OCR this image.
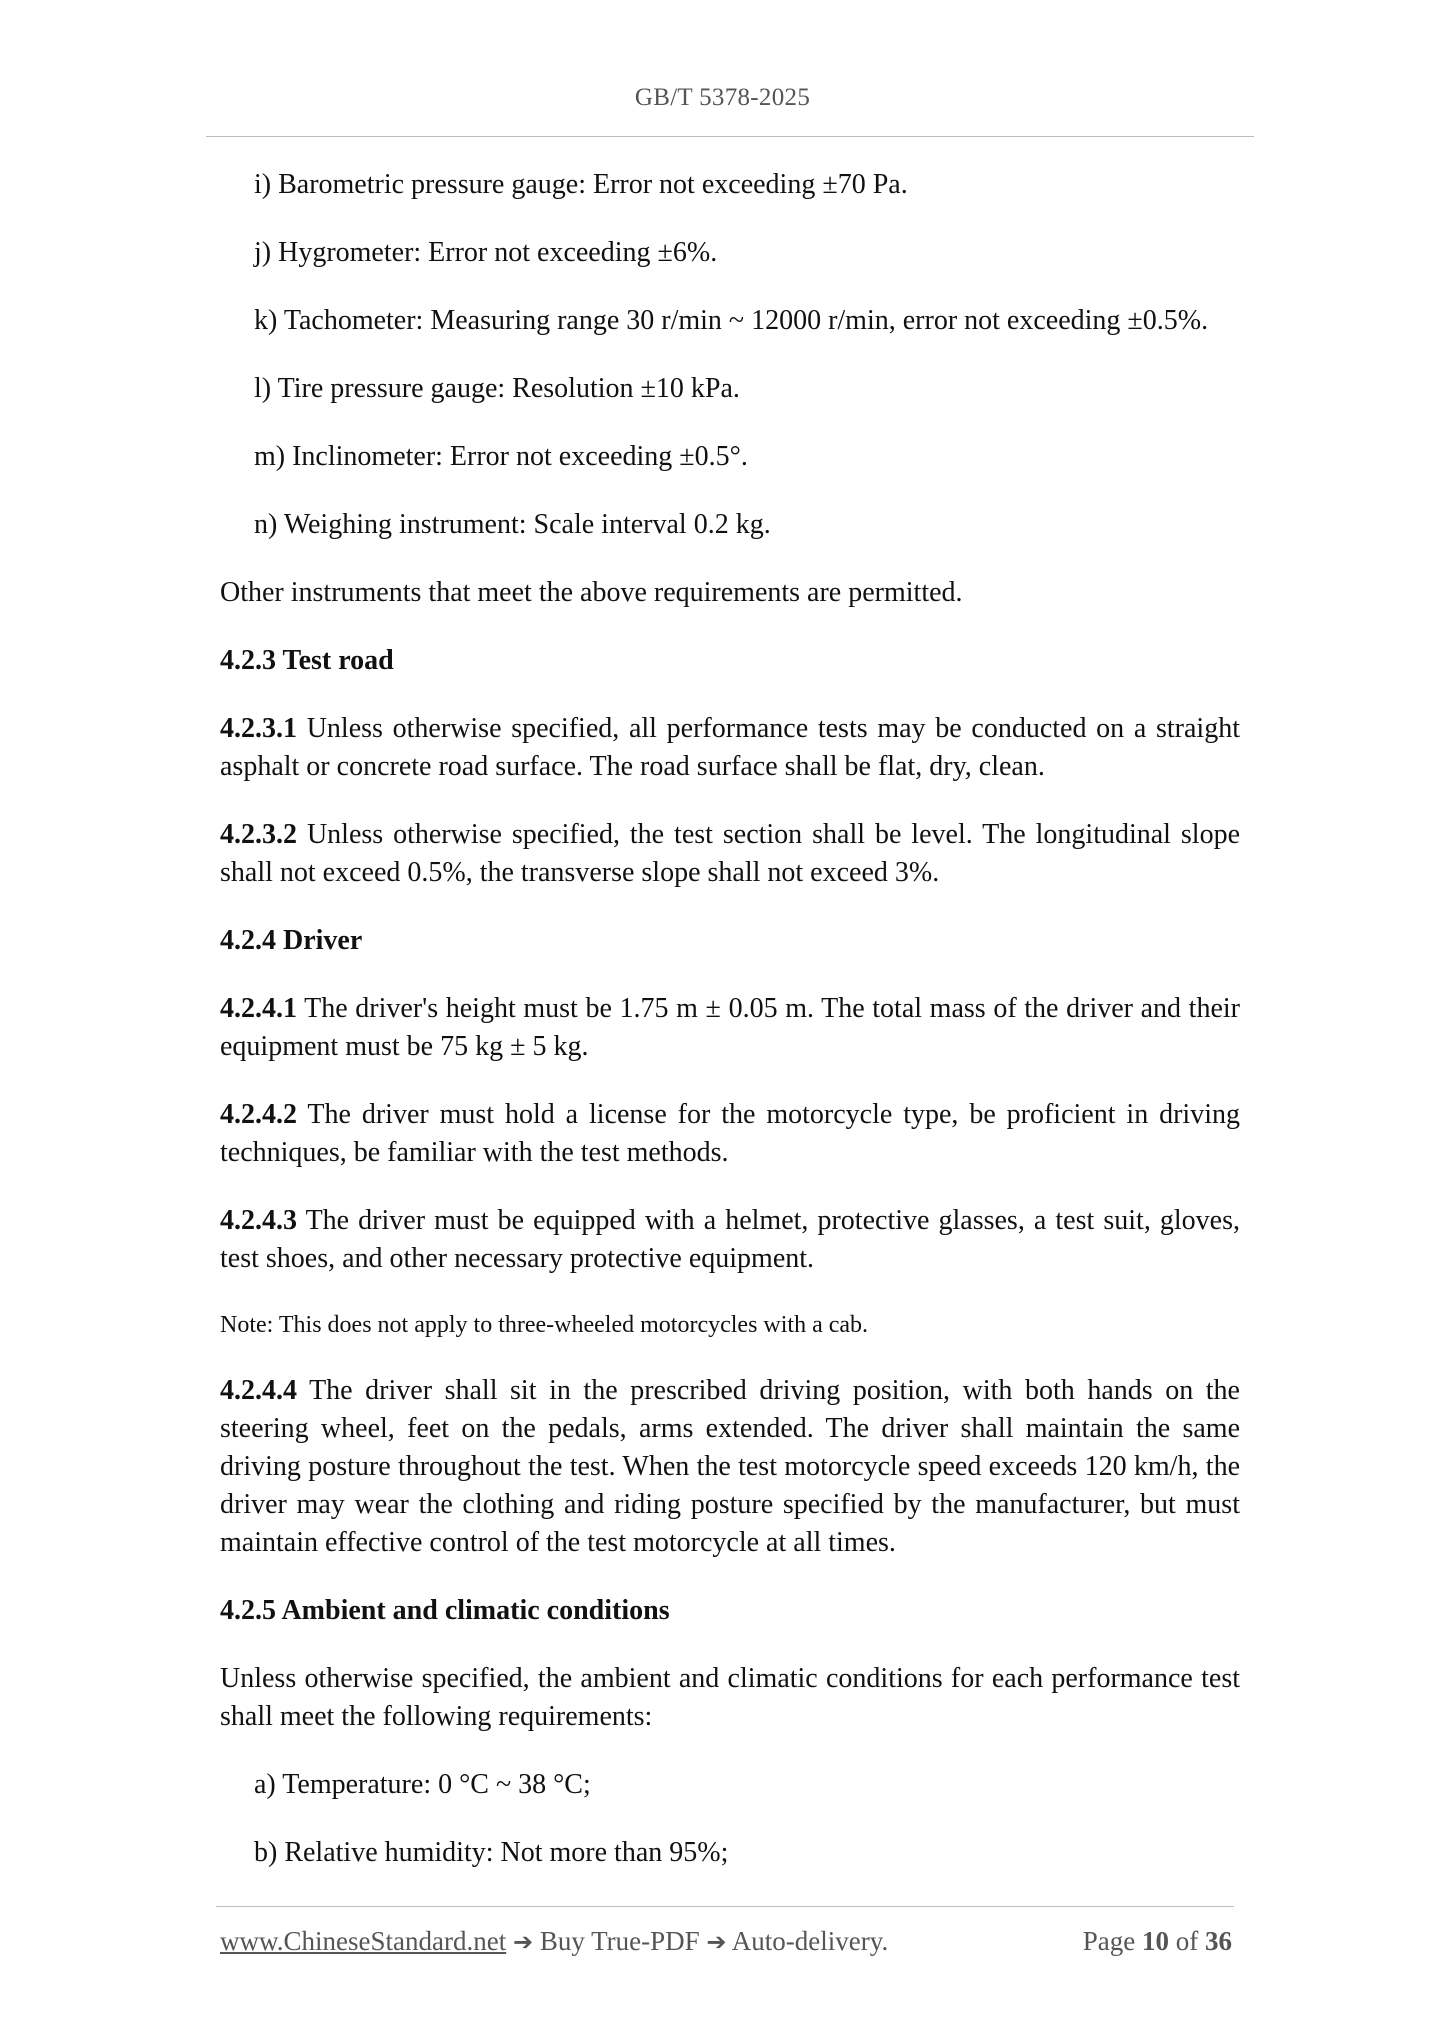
GB/T 5378-2025

i) Barometric pressure gauge: Error not exceeding ±70 Pa.

j) Hygrometer: Error not exceeding ±6%.

k) Tachometer: Measuring range 30 r/min ~ 12000 r/min, error not exceeding ±0.5%.

l) Tire pressure gauge: Resolution ±10 kPa.

m) Inclinometer: Error not exceeding ±0.5°.

n) Weighing instrument: Scale interval 0.2 kg.

Other instruments that meet the above requirements are permitted.

4.2.3 Test road

4.2.3.1 Unless otherwise specified, all performance tests may be conducted on a straight asphalt or concrete road surface. The road surface shall be flat, dry, clean.

4.2.3.2 Unless otherwise specified, the test section shall be level. The longitudinal slope shall not exceed 0.5%, the transverse slope shall not exceed 3%.

4.2.4 Driver

4.2.4.1 The driver's height must be 1.75 m ± 0.05 m. The total mass of the driver and their equipment must be 75 kg ± 5 kg.

4.2.4.2 The driver must hold a license for the motorcycle type, be proficient in driving techniques, be familiar with the test methods.

4.2.4.3 The driver must be equipped with a helmet, protective glasses, a test suit, gloves, test shoes, and other necessary protective equipment.

Note: This does not apply to three-wheeled motorcycles with a cab.

4.2.4.4 The driver shall sit in the prescribed driving position, with both hands on the steering wheel, feet on the pedals, arms extended. The driver shall maintain the same driving posture throughout the test. When the test motorcycle speed exceeds 120 km/h, the driver may wear the clothing and riding posture specified by the manufacturer, but must maintain effective control of the test motorcycle at all times.

4.2.5 Ambient and climatic conditions

Unless otherwise specified, the ambient and climatic conditions for each performance test shall meet the following requirements:

a) Temperature: 0 °C ~ 38 °C;

b) Relative humidity: Not more than 95%;

www.ChineseStandard.net ➔ Buy True-PDF ➔ Auto-delivery.	Page 10 of 36
